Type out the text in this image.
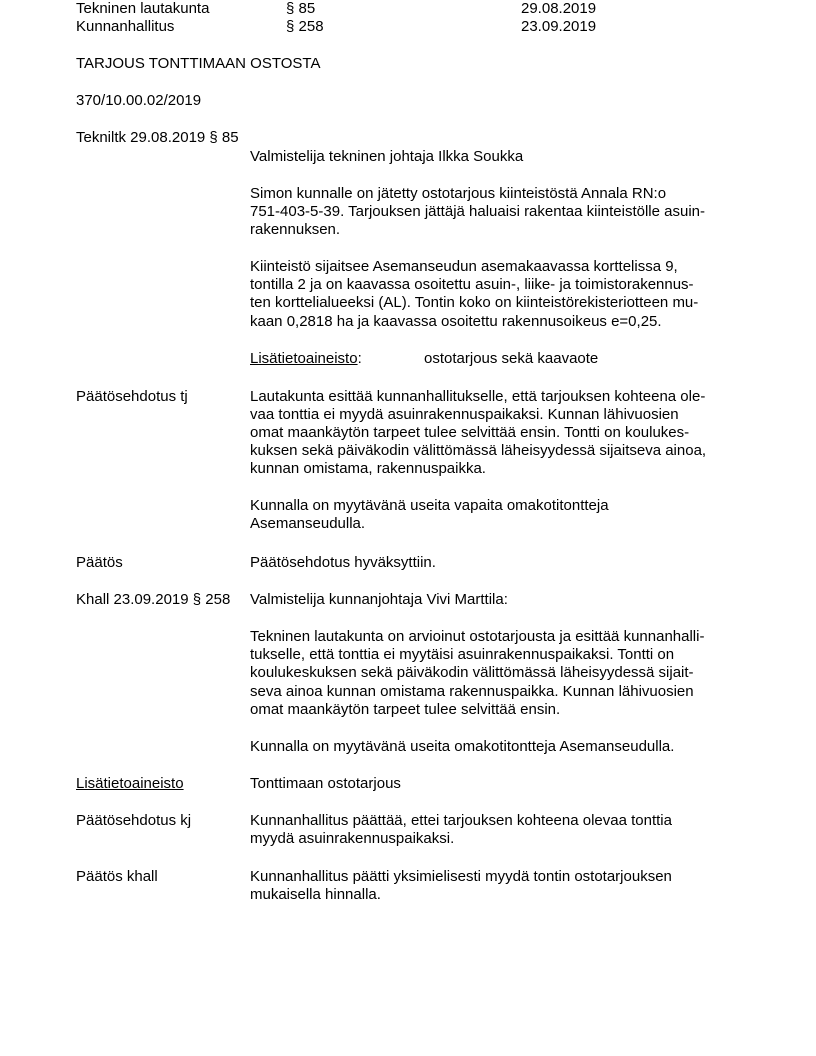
Tekninen lautakunta	§ 85	29.08.2019
Kunnanhallitus	§ 258	23.09.2019
TARJOUS TONTTIMAAN OSTOSTA
370/10.00.02/2019
Tekniltk 29.08.2019 § 85
Valmistelija tekninen johtaja Ilkka Soukka
Simon kunnalle on jätetty ostotarjous kiinteistöstä Annala RN:o
751-403-5-39. Tarjouksen jättäjä haluaisi rakentaa kiinteistölle asuin-
rakennuksen.
Kiinteistö sijaitsee Asemanseudun asemakaavassa korttelissa 9,
tontilla 2 ja on kaavassa osoitettu asuin-, liike- ja toimistorakennus-
ten korttelialueeksi (AL). Tontin koko on kiinteistörekisteriotteen mu-
kaan 0,2818 ha ja kaavassa osoitettu rakennusoikeus e=0,25.
Lisätietoaineisto:	ostotarjous sekä kaavaote
Päätösehdotus tj	Lautakunta esittää kunnanhallitukselle, että tarjouksen kohteena ole-
vaa tonttia ei myydä asuinrakennuspaikaksi. Kunnan lähivuosien
omat maankäytön tarpeet tulee selvittää ensin. Tontti on koulukes-
kuksen sekä päiväkodin välittömässä läheisyydessä sijaitseva ainoa,
kunnan omistama, rakennuspaikka.
Kunnalla on myytävänä useita vapaita omakotitontteja
Asemanseudulla.
Päätös	Päätösehdotus hyväksyttiin.
Khall 23.09.2019 § 258 Valmistelija kunnanjohtaja Vivi Marttila:
Tekninen lautakunta on arvioinut ostotarjousta ja esittää kunnanhalli-
tukselle, että tonttia ei myytäisi asuinrakennuspaikaksi. Tontti on
koulukeskuksen sekä päiväkodin välittömässä läheisyydessä sijait-
seva ainoa kunnan omistama rakennuspaikka. Kunnan lähivuosien
omat maankäytön tarpeet tulee selvittää ensin.
Kunnalla on myytävänä useita omakotitontteja Asemanseudulla.
Lisätietoaineisto	Tonttimaan ostotarjous
Päätösehdotus kj	Kunnanhallitus päättää, ettei tarjouksen kohteena olevaa tonttia
myydä asuinrakennuspaikaksi.
Päätös khall	Kunnanhallitus päätti yksimielisesti myydä tontin ostotarjouksen
mukaisella hinnalla.
